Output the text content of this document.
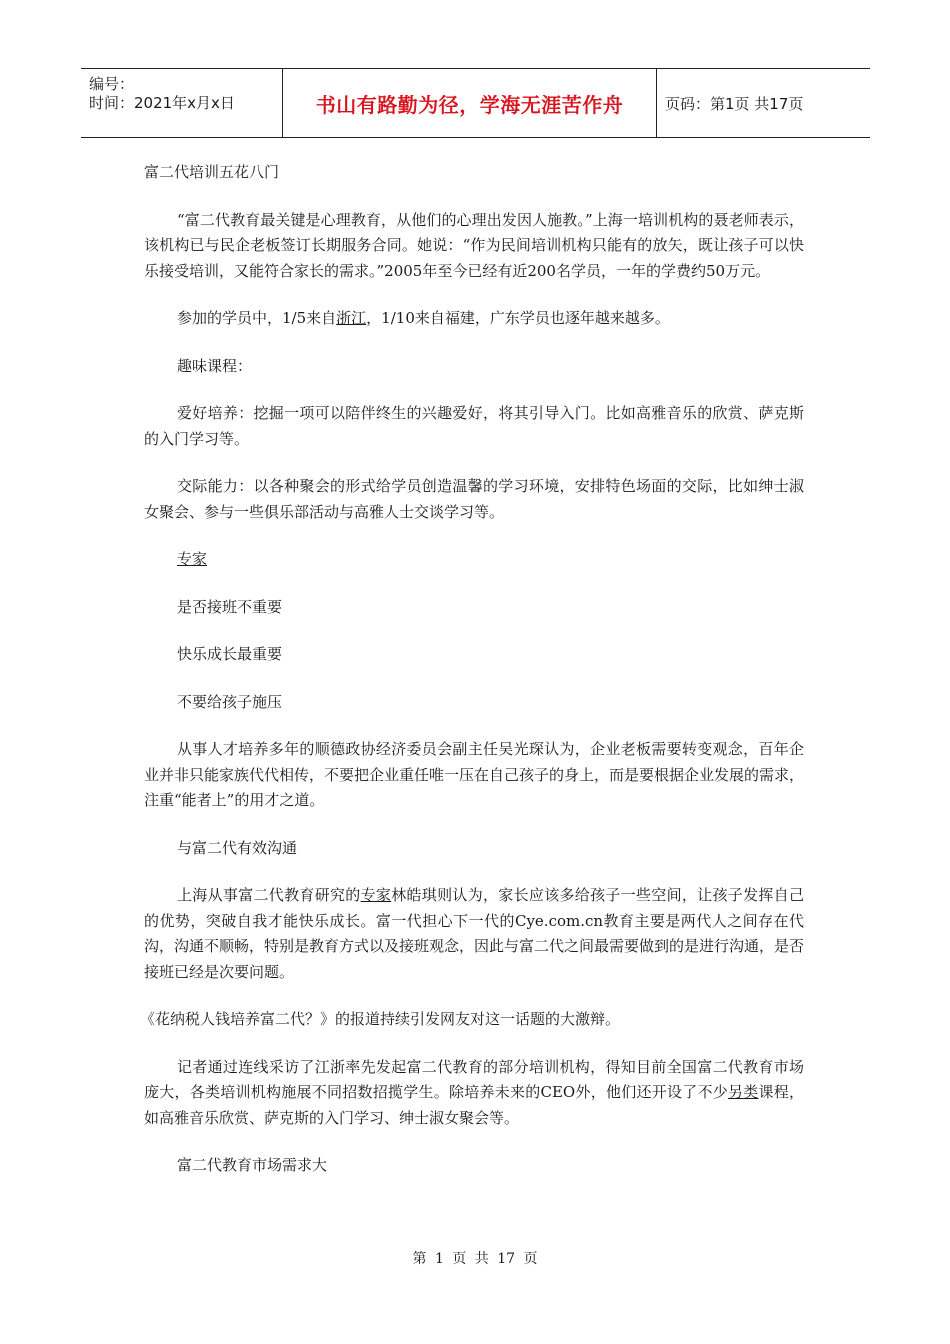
编号：
时间：2021年x月x日	书山有路勤为径，学海无涯苦作舟	页码：第1页 共17页

富二代培训五花八门

“富二代教育最关键是心理教育，从他们的心理出发因人施教。”上海一培训机构的聂老师表示，该机构已与民企老板签订长期服务合同。她说：“作为民间培训机构只能有的放矢，既让孩子可以快乐接受培训，又能符合家长的需求。”2005年至今已经有近200名学员，一年的学费约50万元。

参加的学员中，1/5来自浙江，1/10来自福建，广东学员也逐年越来越多。

趣味课程：

爱好培养：挖掘一项可以陪伴终生的兴趣爱好，将其引导入门。比如高雅音乐的欣赏、萨克斯的入门学习等。

交际能力：以各种聚会的形式给学员创造温馨的学习环境，安排特色场面的交际，比如绅士淑女聚会、参与一些俱乐部活动与高雅人士交谈学习等。

专家

是否接班不重要

快乐成长最重要

不要给孩子施压

从事人才培养多年的顺德政协经济委员会副主任吴光琛认为，企业老板需要转变观念，百年企业并非只能家族代代相传，不要把企业重任唯一压在自己孩子的身上，而是要根据企业发展的需求，注重“能者上”的用才之道。

与富二代有效沟通

上海从事富二代教育研究的专家林皓琪则认为，家长应该多给孩子一些空间，让孩子发挥自己的优势，突破自我才能快乐成长。富一代担心下一代的Cye.com.cn教育主要是两代人之间存在代沟，沟通不顺畅，特别是教育方式以及接班观念，因此与富二代之间最需要做到的是进行沟通，是否接班已经是次要问题。

《花纳税人钱培养富二代？》的报道持续引发网友对这一话题的大激辩。

记者通过连线采访了江浙率先发起富二代教育的部分培训机构，得知目前全国富二代教育市场庞大，各类培训机构施展不同招数招揽学生。除培养未来的CEO外，他们还开设了不少另类课程，如高雅音乐欣赏、萨克斯的入门学习、绅士淑女聚会等。

富二代教育市场需求大

第 1 页 共 17 页
